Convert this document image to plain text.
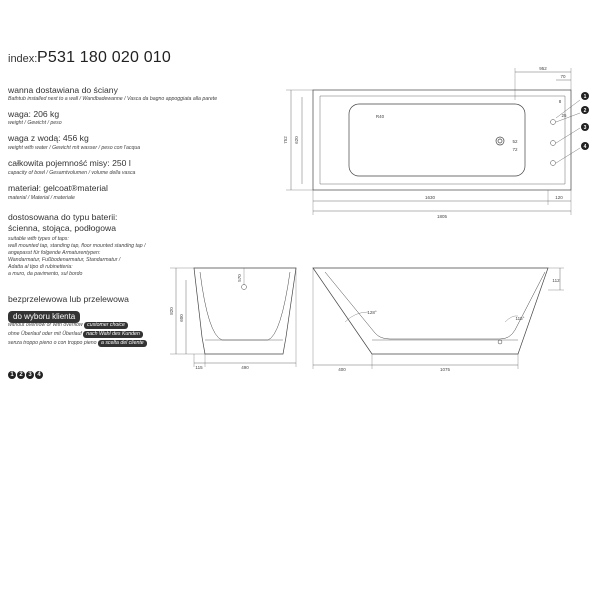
index: P531 180 020 010
wanna dostawiana do ściany
Bathtub installed next to a wall / Wandbadewanne / Vasca da bagno appoggiata alla parete
waga: 206 kg
weight / Gewicht / peso
waga z wodą: 456 kg
weight with water / Gewicht mit wasser / peso con l'acqua
całkowita pojemność misy: 250 l
capacity of bowl / Gesamtvolumen / volume della vasca
materiał: gelcoat®material
material / Material / materiale
dostosowana do typu baterii:
ścienna, stojąca, podłogowa
suitable with types of taps:
wall mounted tap, standing tap, floor mounted standing tap /
angepasst für folgende Armaturentypen:
Wandarmatur, Fußbodenarmatur, Standarmatur /
Adatta al tipo di rubinetteria:
a muro, da pavimento, sul bordo
bezprzelewowa lub przelewowa
do wyboru klienta
without overflow or with overflow customer choice
ohne Überlauf oder mit Überlauf nach Wahl des Kunden
senza troppo pieno o con troppo pieno a scelta del cliente
1 2 3 4
1
2
3
4
952
70
752 620
1630	120
1805
R40
52
72
25
8
570
820
600
115	490	400	1075
112
128°
115°
